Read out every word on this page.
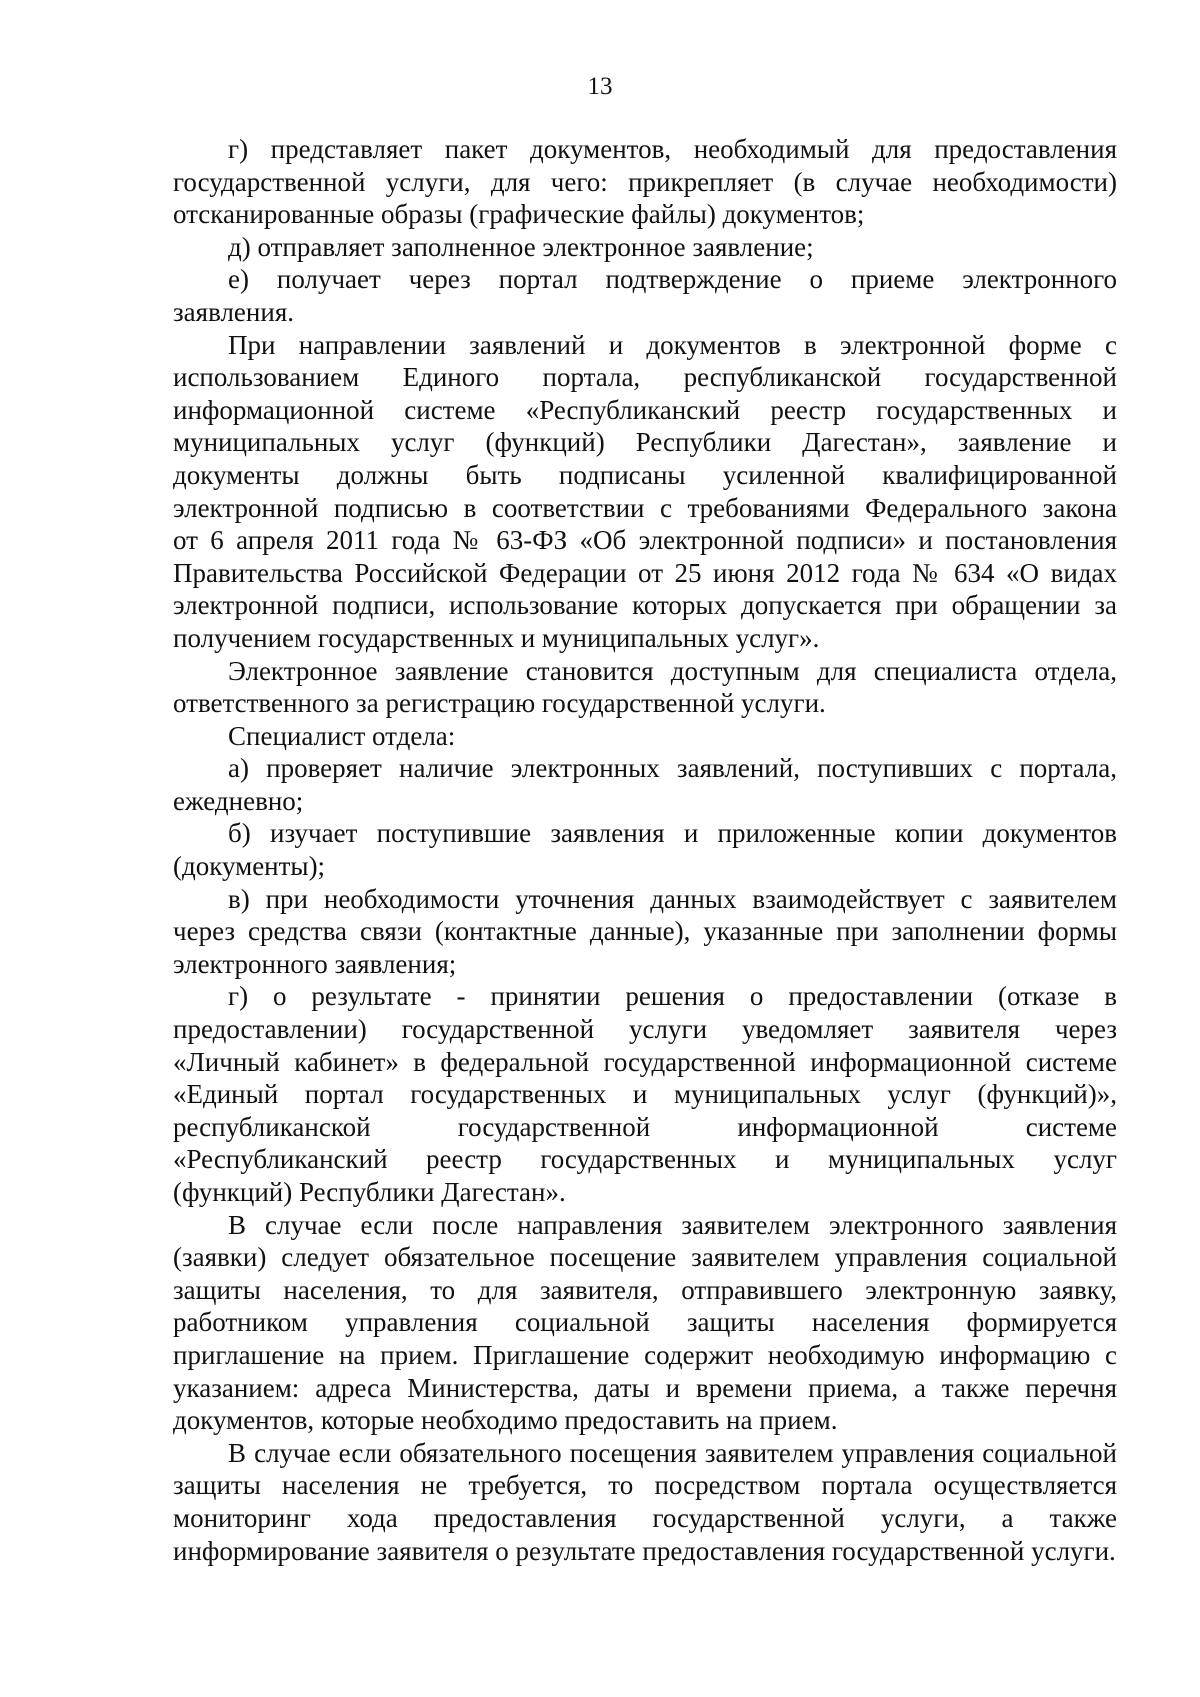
13
г) представляет пакет документов, необходимый для предоставления
государственной услуги, для чего: прикрепляет (в случае необходимости)
отсканированные образы (графические файлы) документов;
д) отправляет заполненное электронное заявление;
е) получает через портал подтверждение о приеме электронного
заявления.
При направлении заявлений и документов в электронной форме с
использованием Единого портала, республиканской государственной
информационной системе «Республиканский реестр государственных и
муниципальных услуг (функций) Республики Дагестан», заявление и
документы должны быть подписаны усиленной квалифицированной
электронной подписью в соответствии с требованиями Федерального закона
от 6 апреля 2011 года № 63-ФЗ «Об электронной подписи» и постановления
Правительства Российской Федерации от 25 июня 2012 года № 634 «О видах
электронной подписи, использование которых допускается при обращении за
получением государственных и муниципальных услуг».
Электронное заявление становится доступным для специалиста отдела,
ответственного за регистрацию государственной услуги.
Специалист отдела:
а) проверяет наличие электронных заявлений, поступивших с портала,
ежедневно;
б) изучает поступившие заявления и приложенные копии документов
(документы);
в) при необходимости уточнения данных взаимодействует с заявителем
через средства связи (контактные данные), указанные при заполнении формы
электронного заявления;
г) о результате - принятии решения о предоставлении (отказе в
предоставлении) государственной услуги уведомляет заявителя через
«Личный кабинет» в федеральной государственной информационной системе
«Единый портал государственных и муниципальных услуг (функций)»,
республиканской государственной информационной системе
«Республиканский реестр государственных и муниципальных услуг
(функций) Республики Дагестан».
В случае если после направления заявителем электронного заявления
(заявки) следует обязательное посещение заявителем управления социальной
защиты населения, то для заявителя, отправившего электронную заявку,
работником управления социальной защиты населения формируется
приглашение на прием. Приглашение содержит необходимую информацию с
указанием: адреса Министерства, даты и времени приема, а также перечня
документов, которые необходимо предоставить на прием.
В случае если обязательного посещения заявителем управления социальной
защиты населения не требуется, то посредством портала осуществляется
мониторинг хода предоставления государственной услуги, а также
информирование заявителя о результате предоставления государственной услуги.
